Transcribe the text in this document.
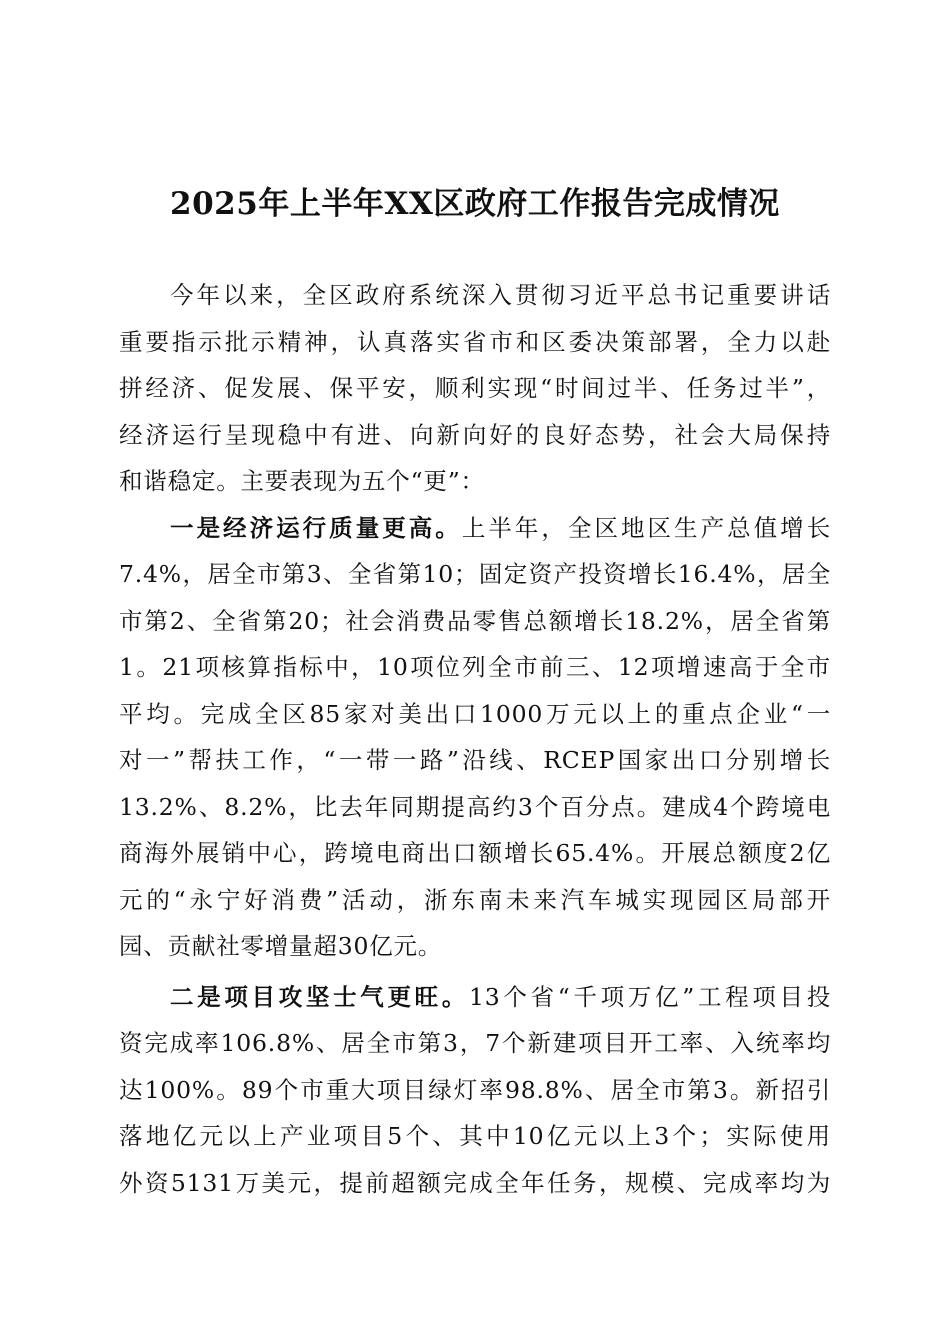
2025年上半年XX区政府工作报告完成情况
今年以来，全区政府系统深入贯彻习近平总书记重要讲话
重要指示批示精神，认真落实省市和区委决策部署，全力以赴
拼经济、促发展、保平安，顺利实现“时间过半、任务过半”，
经济运行呈现稳中有进、向新向好的良好态势，社会大局保持
和谐稳定。主要表现为五个“更”：
一是经济运行质量更高。上半年，全区地区生产总值增长
7.4%，居全市第3、全省第10；固定资产投资增长16.4%，居全
市第2、全省第20；社会消费品零售总额增长18.2%，居全省第
1。21项核算指标中，10项位列全市前三、12项增速高于全市
平均。完成全区85家对美出口1000万元以上的重点企业“一
对一”帮扶工作，“一带一路”沿线、RCEP国家出口分别增长
13.2%、8.2%，比去年同期提高约3个百分点。建成4个跨境电
商海外展销中心，跨境电商出口额增长65.4%。开展总额度2亿
元的“永宁好消费”活动，浙东南未来汽车城实现园区局部开
园、贡献社零增量超30亿元。
二是项目攻坚士气更旺。13个省“千项万亿”工程项目投
资完成率106.8%、居全市第3，7个新建项目开工率、入统率均
达100%。89个市重大项目绿灯率98.8%、居全市第3。新招引
落地亿元以上产业项目5个、其中10亿元以上3个；实际使用
外资5131万美元，提前超额完成全年任务，规模、完成率均为
